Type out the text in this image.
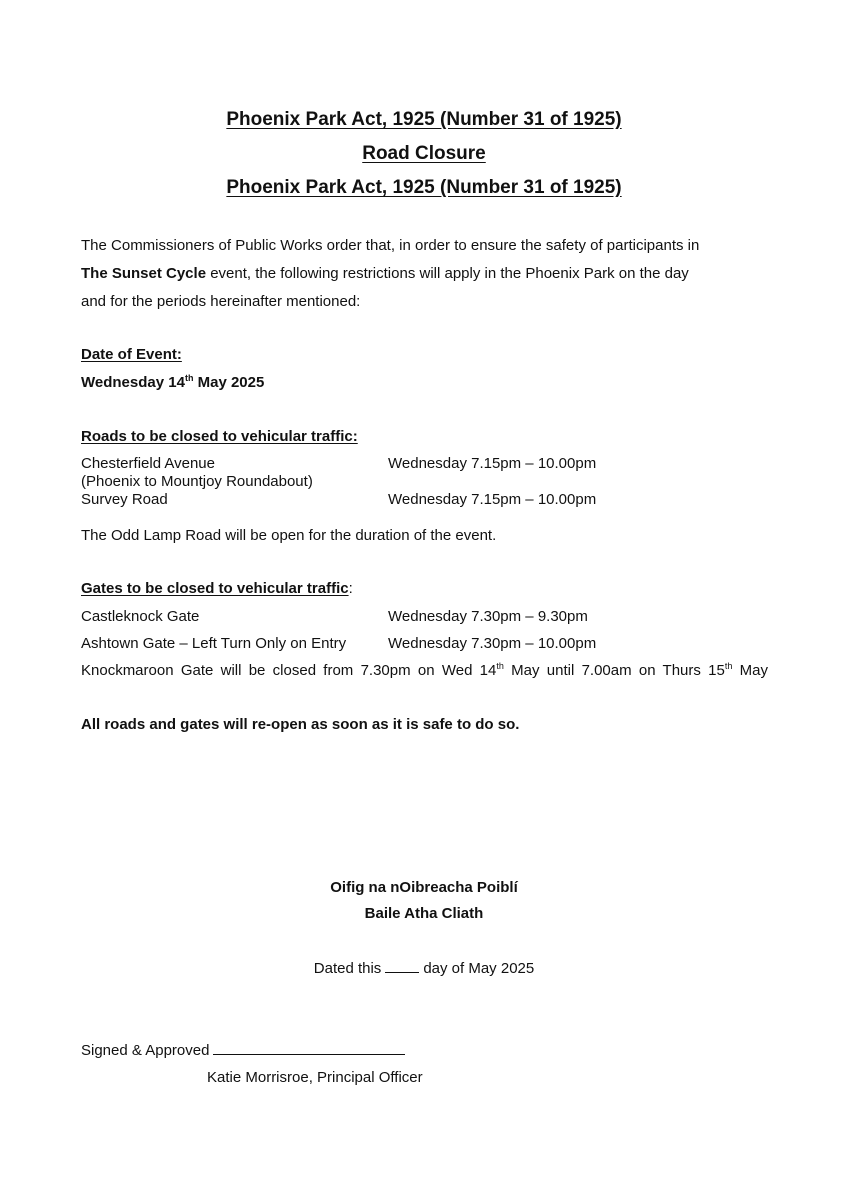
Phoenix Park Act, 1925 (Number 31 of 1925)
Road Closure
Phoenix Park Act, 1925 (Number 31 of 1925)
The Commissioners of Public Works order that, in order to ensure the safety of participants in
The Sunset Cycle event, the following restrictions will apply in the Phoenix Park on the day
and for the periods hereinafter mentioned:
Date of Event:
Wednesday 14th May 2025
Roads to be closed to vehicular traffic:
Chesterfield Avenue	Wednesday 7.15pm – 10.00pm
(Phoenix to Mountjoy Roundabout)
Survey Road	Wednesday 7.15pm – 10.00pm
The Odd Lamp Road will be open for the duration of the event.
Gates to be closed to vehicular traffic:
Castleknock Gate	Wednesday 7.30pm – 9.30pm
Ashtown Gate – Left Turn Only on Entry	Wednesday 7.30pm – 10.00pm
Knockmaroon Gate will be closed from 7.30pm on Wed 14th May until 7.00am on Thurs 15th May
All roads and gates will re-open as soon as it is safe to do so.
Oifig na nOibreacha Poiblí
Baile Atha Cliath
Dated this	day of May 2025
Signed & Approved
Katie Morrisroe, Principal Officer
